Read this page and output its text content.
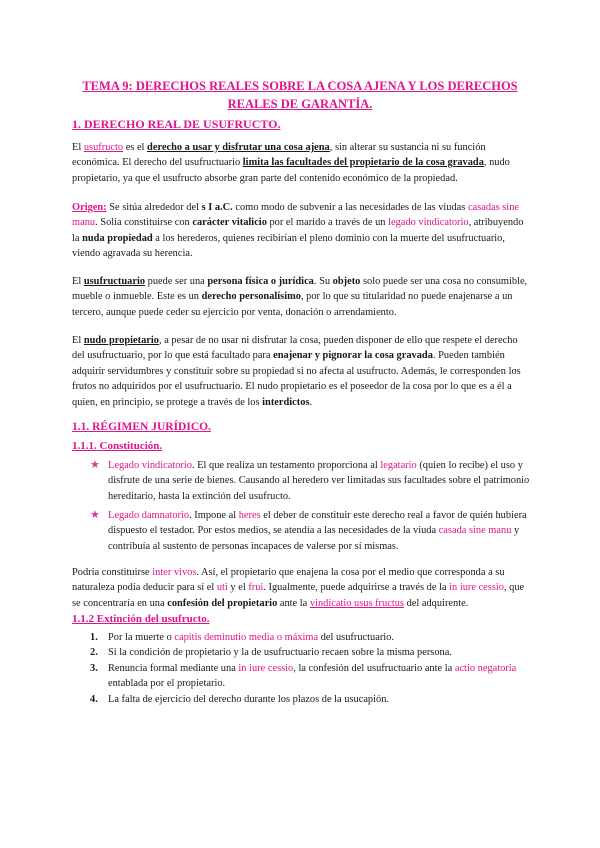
TEMA 9: DERECHOS REALES SOBRE LA COSA AJENA Y LOS DERECHOS
REALES DE GARANTÍA.
1. DERECHO REAL DE USUFRUCTO.

El usufructo es el derecho a usar y disfrutar una cosa ajena, sin alterar su sustancia ni su función económica. El derecho del usufructuario limita las facultades del propietario de la cosa gravada, nudo propietario, ya que el usufructo absorbe gran parte del contenido económico de la propiedad.

Origen: Se sitúa alrededor del s I a.C. como modo de subvenir a las necesidades de las viudas casadas sine manu. Solía constituirse con carácter vitalicio por el marido a través de un legado vindicatorio, atribuyendo la nuda propiedad a los herederos, quienes recibirían el pleno dominio con la muerte del usufructuario, viendo agravada su herencia.

El usufructuario puede ser una persona física o jurídica. Su objeto solo puede ser una cosa no consumible, mueble o inmueble. Este es un derecho personalísimo, por lo que su titularidad no puede enajenarse a un tercero, aunque puede ceder su ejercicio por venta, donación o arrendamiento.

El nudo propietario, a pesar de no usar ni disfrutar la cosa, pueden disponer de ello que respete el derecho del usufructuario, por lo que está facultado para enajenar y pignorar la cosa gravada. Pueden también adquirir servidumbres y constituir sobre su propiedad si no afecta al usufructo. Además, le corresponden los frutos no adquiridos por el usufructuario. El nudo propietario es el poseedor de la cosa por lo que es a él a quien, en principio, se protege a través de los interdictos.

1.1. RÉGIMEN JURÍDICO.
1.1.1. Constitución.
★ Legado vindicatorio. El que realiza un testamento proporciona al legatario (quien lo recibe) el uso y disfrute de una serie de bienes. Causando al heredero ver limitadas sus facultades sobre el patrimonio hereditario, hasta la extinción del usufructo.

★ Legado damnatorio. Impone al heres el deber de constituir este derecho real a favor de quién hubiera dispuesto el testador. Por estos medios, se atendía a las necesidades de la viuda casada sine manu y contribuía al sustento de personas incapaces de valerse por sí mismas.

Podría constituirse inter vivos. Así, el propietario que enajena la cosa por el medio que corresponda a su naturaleza podía deducir para sí el uti y el frui. Igualmente, puede adquirirse a través de la in iure cessio, que se concentraría en una confesión del propietario ante la vindicatio usus fructus del adquirente.

1.1.2 Extinción del usufructo.
1. Por la muerte o capitis deminutio media o máxima del usufructuario.

2. Si la condición de propietario y la de usufructuario recaen sobre la misma persona.

3. Renuncia formal mediante una in iure cessio, la confesión del usufructuario ante la actio negatoria entablada por el propietario.

4. La falta de ejercicio del derecho durante los plazos de la usucapión.
